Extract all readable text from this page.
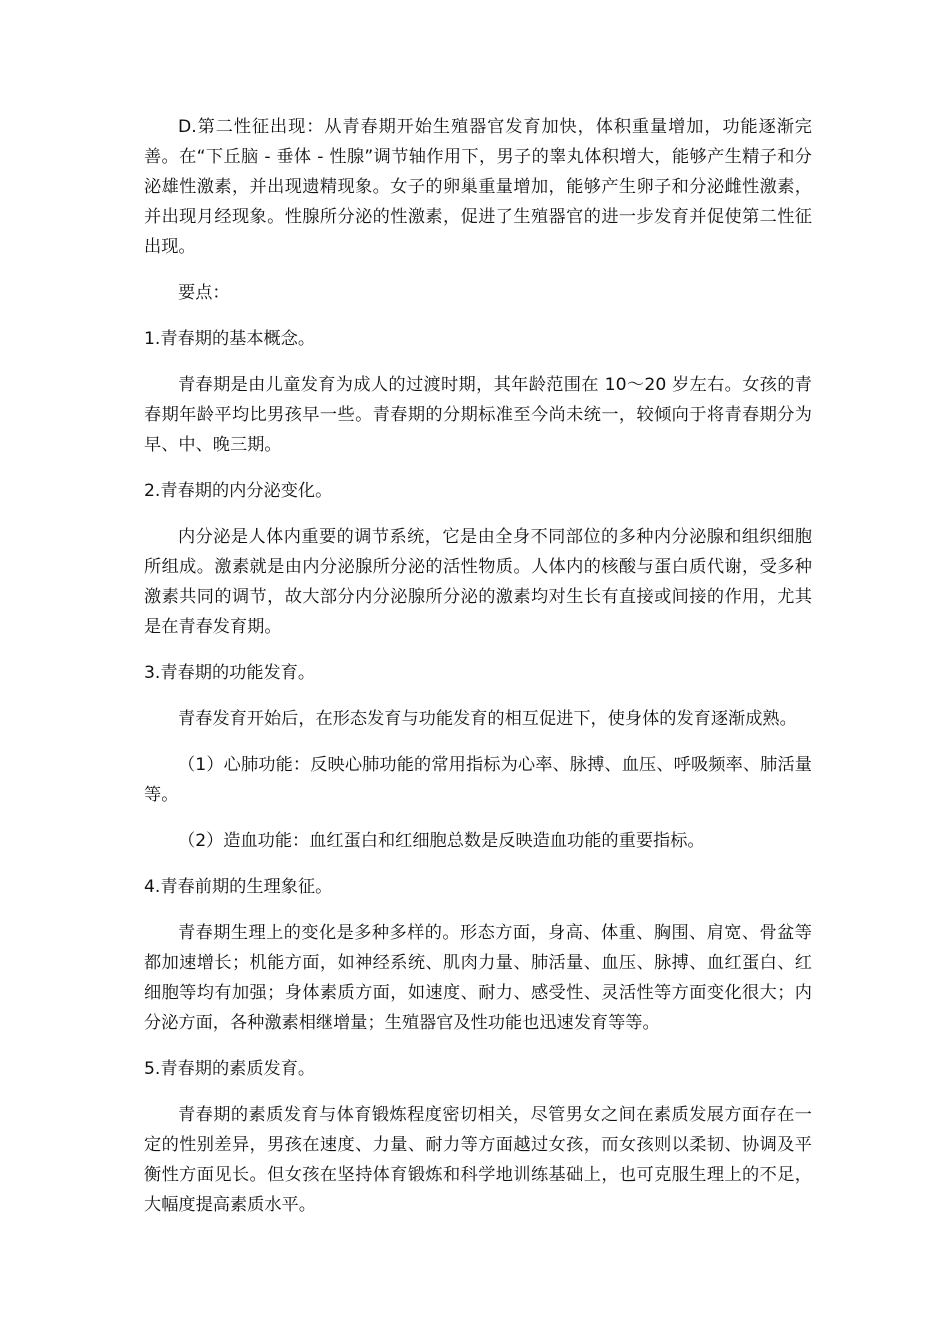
D.第二性征出现：从青春期开始生殖器官发育加快，体积重量增加，功能逐渐完善。在“下丘脑 - 垂体 - 性腺”调节轴作用下，男子的睾丸体积增大，能够产生精子和分泌雄性激素，并出现遗精现象。女子的卵巢重量增加，能够产生卵子和分泌雌性激素，并出现月经现象。性腺所分泌的性激素，促进了生殖器官的进一步发育并促使第二性征出现。

要点：

1.青春期的基本概念。

青春期是由儿童发育为成人的过渡时期，其年龄范围在 10～20 岁左右。女孩的青春期年龄平均比男孩早一些。青春期的分期标准至今尚未统一，较倾向于将青春期分为早、中、晚三期。

2.青春期的内分泌变化。

内分泌是人体内重要的调节系统，它是由全身不同部位的多种内分泌腺和组织细胞所组成。激素就是由内分泌腺所分泌的活性物质。人体内的核酸与蛋白质代谢，受多种激素共同的调节，故大部分内分泌腺所分泌的激素均对生长有直接或间接的作用，尤其是在青春发育期。

3.青春期的功能发育。

青春发育开始后，在形态发育与功能发育的相互促进下，使身体的发育逐渐成熟。

（1）心肺功能：反映心肺功能的常用指标为心率、脉搏、血压、呼吸频率、肺活量等。

（2）造血功能：血红蛋白和红细胞总数是反映造血功能的重要指标。

4.青春前期的生理象征。

青春期生理上的变化是多种多样的。形态方面，身高、体重、胸围、肩宽、骨盆等都加速增长；机能方面，如神经系统、肌肉力量、肺活量、血压、脉搏、血红蛋白、红细胞等均有加强；身体素质方面，如速度、耐力、感受性、灵活性等方面变化很大；内分泌方面，各种激素相继增量；生殖器官及性功能也迅速发育等等。

5.青春期的素质发育。

青春期的素质发育与体育锻炼程度密切相关，尽管男女之间在素质发展方面存在一定的性别差异，男孩在速度、力量、耐力等方面越过女孩，而女孩则以柔韧、协调及平衡性方面见长。但女孩在坚持体育锻炼和科学地训练基础上，也可克服生理上的不足，大幅度提高素质水平。
